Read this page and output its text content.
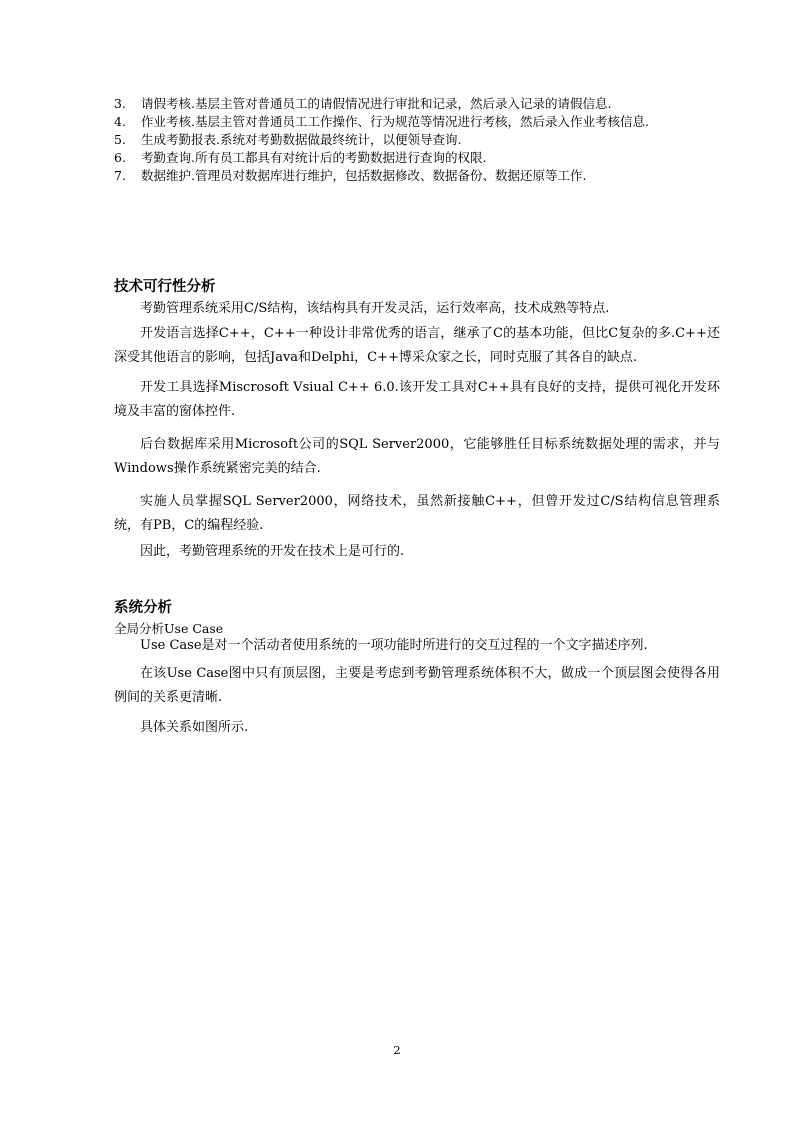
3. 请假考核.基层主管对普通员工的请假情况进行审批和记录，然后录入记录的请假信息.
4. 作业考核.基层主管对普通员工工作操作、行为规范等情况进行考核，然后录入作业考核信息.
5. 生成考勤报表.系统对考勤数据做最终统计，以便领导查询.
6. 考勤查询.所有员工都具有对统计后的考勤数据进行查询的权限.
7. 数据维护.管理员对数据库进行维护，包括数据修改、数据备份、数据还原等工作.
技术可行性分析

考勤管理系统采用C/S结构，该结构具有开发灵活，运行效率高，技术成熟等特点.

开发语言选择C++，C++一种设计非常优秀的语言，继承了C的基本功能，但比C复杂的多.C++还深受其他语言的影响，包括Java和Delphi，C++博采众家之长，同时克服了其各自的缺点.

开发工具选择Miscrosoft Vsiual C++ 6.0.该开发工具对C++具有良好的支持，提供可视化开发环境及丰富的窗体控件.

后台数据库采用Microsoft公司的SQL Server2000，它能够胜任目标系统数据处理的需求，并与Windows操作系统紧密完美的结合.

实施人员掌握SQL Server2000，网络技术，虽然新接触C++，但曾开发过C/S结构信息管理系统，有PB，C的编程经验.

因此，考勤管理系统的开发在技术上是可行的.

系统分析
全局分析Use Case

Use Case是对一个活动者使用系统的一项功能时所进行的交互过程的一个文字描述序列.

在该Use Case图中只有顶层图，主要是考虑到考勤管理系统体积不大，做成一个顶层图会使得各用例间的关系更清晰.

具体关系如图所示.

2
